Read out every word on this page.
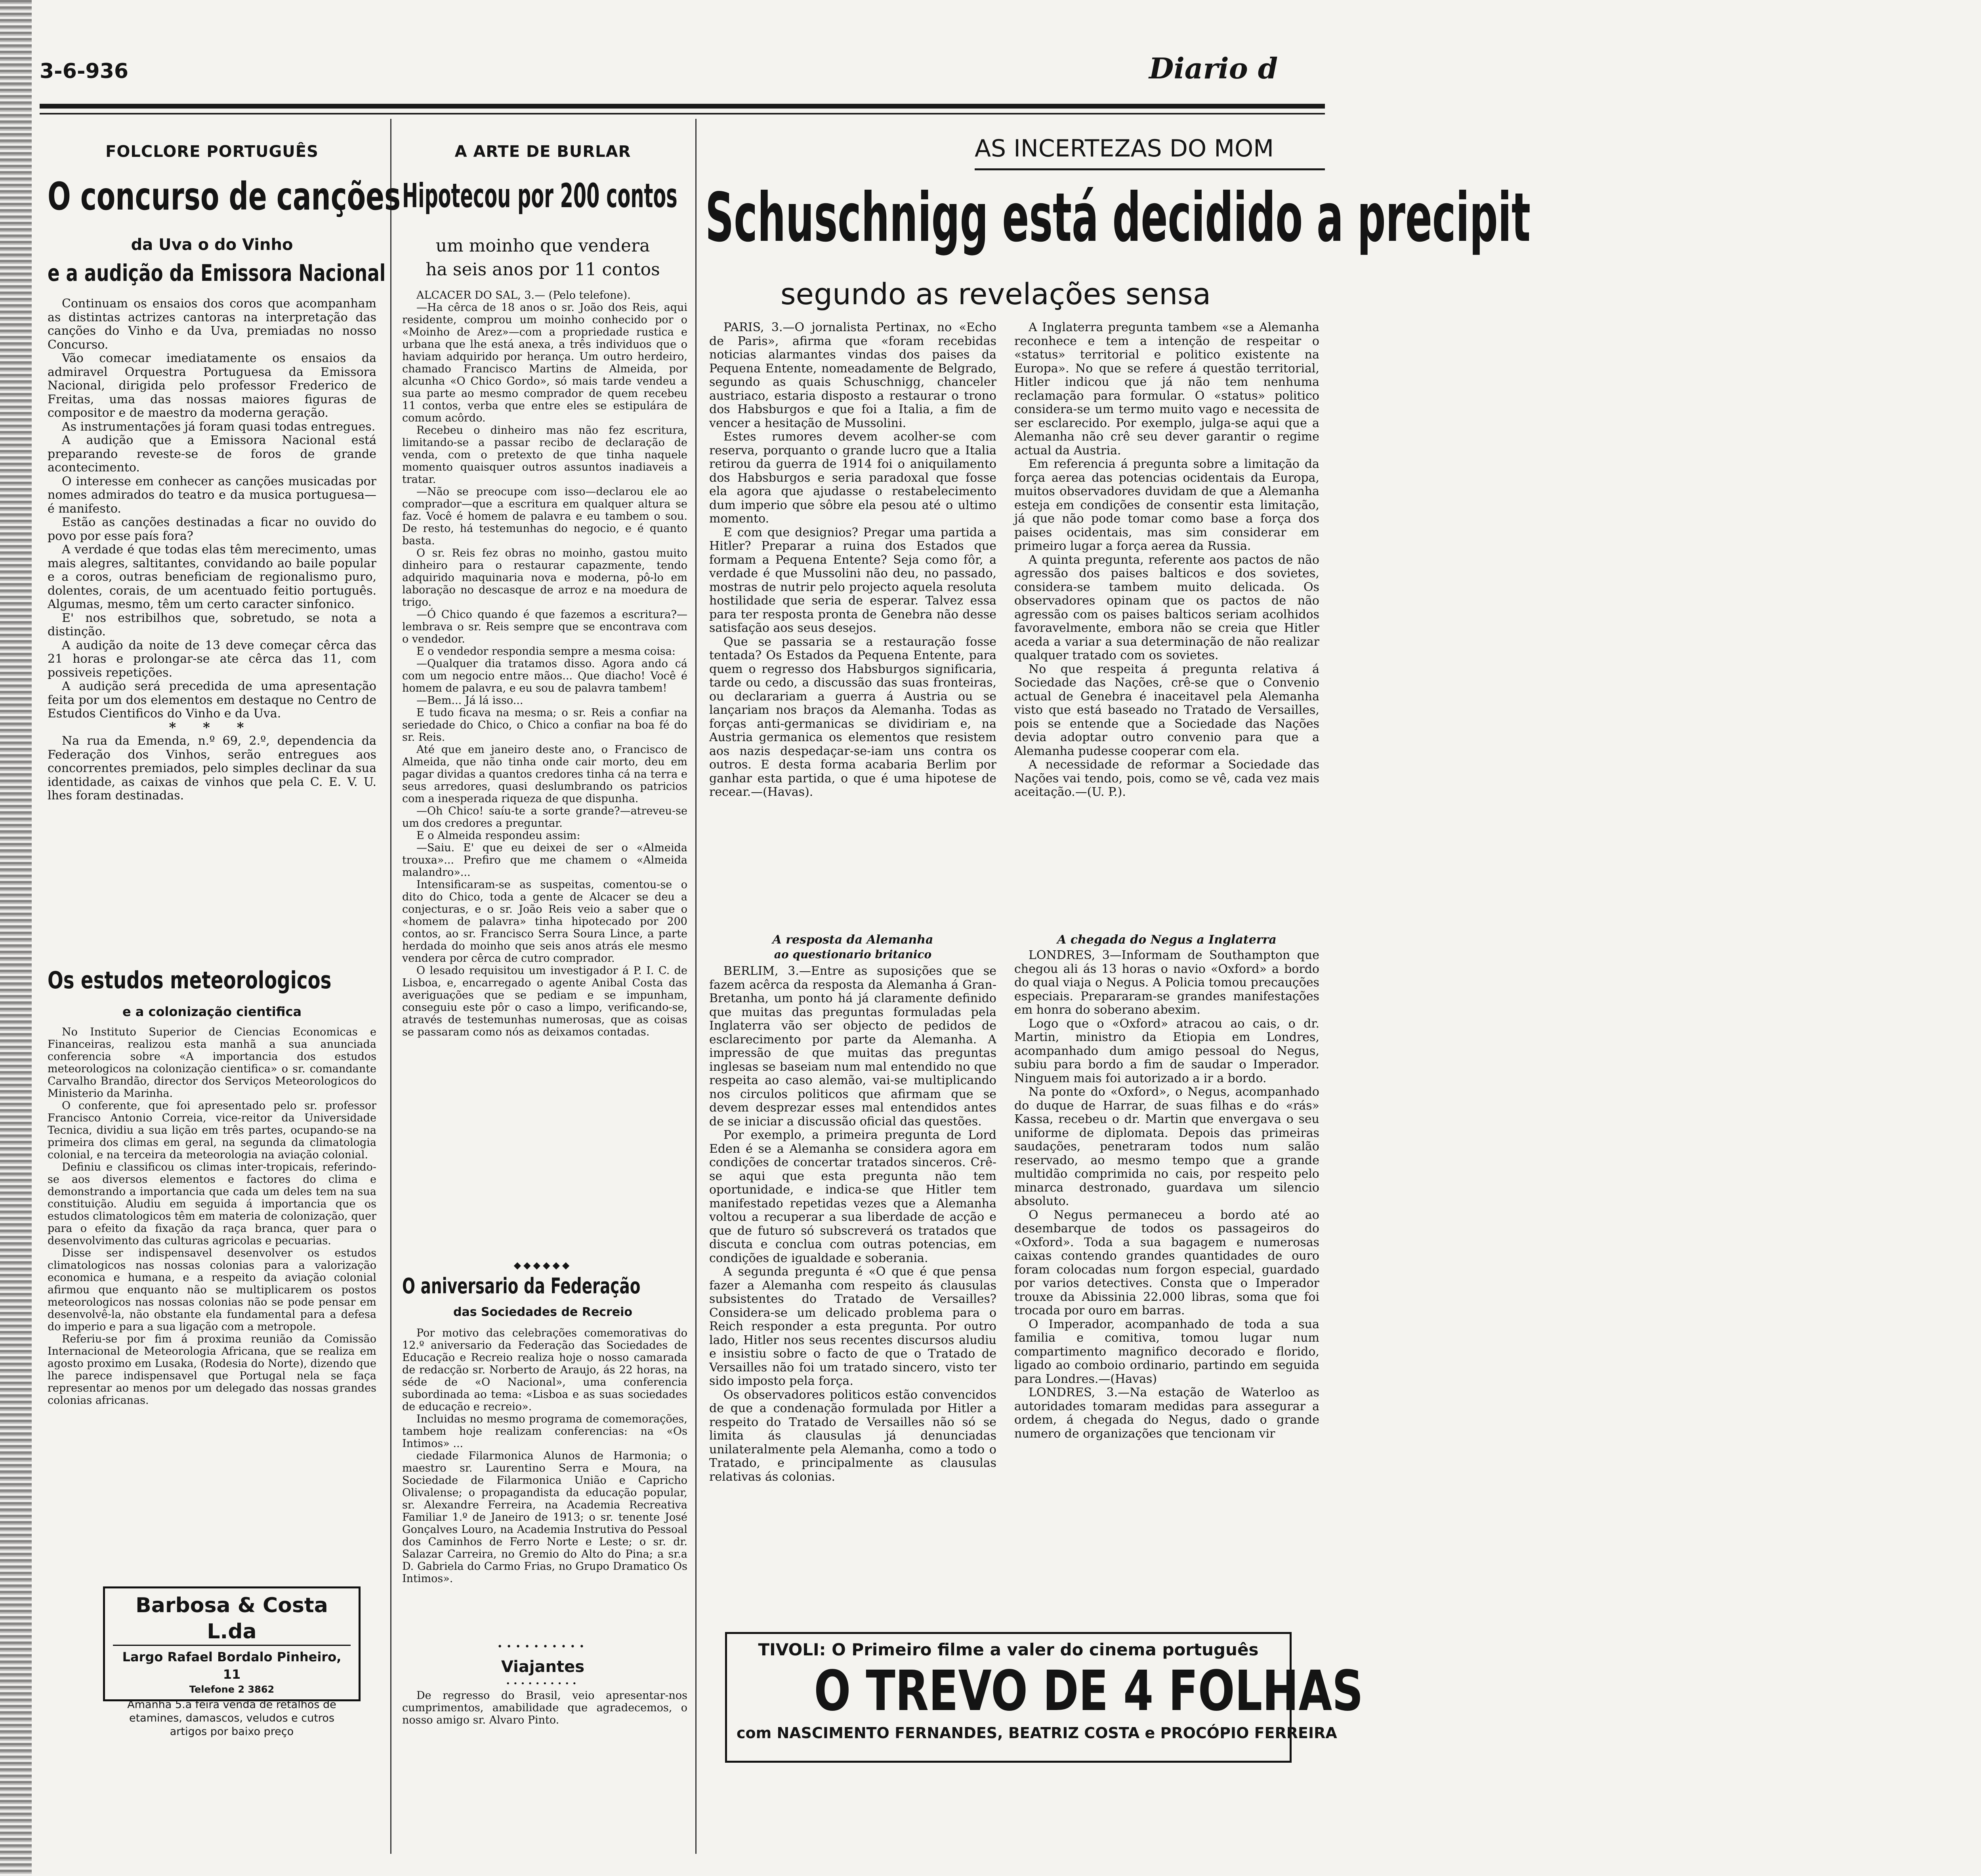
3-6-936	Diario d
FOLCLORE PORTUGUÊS
O concurso de canções
da Uva o do Vinho
e a audição da Emissora Nacional

Continuam os ensaios dos coros que acompanham as distintas actrizes cantoras na interpretação das canções do Vinho e da Uva, premiadas no nosso Concurso.

Vão comecar imediatamente os ensaios da admiravel Orquestra Portuguesa da Emissora Nacional, dirigida pelo professor Frederico de Freitas, uma das nossas maiores figuras de compositor e de maestro da moderna geração.

As instrumentações já foram quasi todas entregues.

A audição que a Emissora Nacional está preparando reveste-se de foros de grande acontecimento.

O interesse em conhecer as canções musicadas por nomes admirados do teatro e da musica portuguesa—é manifesto.

Estão as canções destinadas a ficar no ouvido do povo por esse país fora?

A verdade é que todas elas têm merecimento, umas mais alegres, saltitantes, convidando ao baile popular e a coros, outras beneficiam de regionalismo puro, dolentes, corais, de um acentuado feitio português. Algumas, mesmo, têm um certo caracter sinfonico.

E' nos estribilhos que, sobretudo, se nota a distinção.

A audição da noite de 13 deve começar cêrca das 21 horas e prolongar-se ate cêrca das 11, com possiveis repetições.

A audição será precedida de uma apresentação feita por um dos elementos em destaque no Centro de Estudos Cientificos do Vinho e da Uva.

* * *

Na rua da Emenda, n.º 69, 2.º, dependencia da Federação dos Vinhos, serão entregues aos concorrentes premiados, pelo simples declinar da sua identidade, as caixas de vinhos que pela C. E. V. U. lhes foram destinadas.

Os estudos meteorologicos
e a colonização cientifica

No Instituto Superior de Ciencias Economicas e Financeiras, realizou esta manhã a sua anunciada conferencia sobre «A importancia dos estudos meteorologicos na colonização cientifica» o sr. comandante Carvalho Brandão, director dos Serviços Meteorologicos do Ministerio da Marinha.

O conferente, que foi apresentado pelo sr. professor Francisco Antonio Correia, vice-reitor da Universidade Tecnica, dividiu a sua lição em três partes, ocupando-se na primeira dos climas em geral, na segunda da climatologia colonial, e na terceira da meteorologia na aviação colonial.

Definiu e classificou os climas inter-tropicais, referindo-se aos diversos elementos e factores do clima e demonstrando a importancia que cada um deles tem na sua constituição. Aludiu em seguida á importancia que os estudos climatologicos têm em materia de colonização, quer para o efeito da fixação da raça branca, quer para o desenvolvimento das culturas agricolas e pecuarias.

Disse ser indispensavel desenvolver os estudos climatologicos nas nossas colonias para a valorização economica e humana, e a respeito da aviação colonial afirmou que enquanto não se multiplicarem os postos meteorologicos nas nossas colonias não se pode pensar em desenvolvê-la, não obstante ela fundamental para a defesa do imperio e para a sua ligação com a metropole.

Referiu-se por fim á proxima reunião da Comissão Internacional de Meteorologia Africana, que se realiza em agosto proximo em Lusaka, (Rodesia do Norte), dizendo que lhe parece indispensavel que Portugal nela se faça representar ao menos por um delegado das nossas grandes colonias africanas.

Barbosa & Costa L.da
Largo Rafael Bordalo Pinheiro, 11
Telefone 2 3862
Amanhã 5.a feira venda de retalhos de etamines, damascos, veludos e cutros artigos por baixo preço
A ARTE DE BURLAR
Hipotecou por 200 contos
um moinho que vendera
ha seis anos por 11 contos

ALCACER DO SAL, 3.— (Pelo telefone).

—Ha cêrca de 18 anos o sr. João dos Reis, aqui residente, comprou um moinho conhecido por o «Moinho de Arez»—com a propriedade rustica e urbana que lhe está anexa, a três individuos que o haviam adquirido por herança. Um outro herdeiro, chamado Francisco Martins de Almeida, por alcunha «O Chico Gordo», só mais tarde vendeu a sua parte ao mesmo comprador de quem recebeu 11 contos, verba que entre eles se estipulára de comum acôrdo.

Recebeu o dinheiro mas não fez escritura, limitando-se a passar recibo de declaração de venda, com o pretexto de que tinha naquele momento quaisquer outros assuntos inadiaveis a tratar.

—Não se preocupe com isso—declarou ele ao comprador—que a escritura em qualquer altura se faz. Você é homem de palavra e eu tambem o sou. De resto, há testemunhas do negocio, e é quanto basta.

O sr. Reis fez obras no moinho, gastou muito dinheiro para o restaurar capazmente, tendo adquirido maquinaria nova e moderna, pô-lo em laboração no descasque de arroz e na moedura de trigo.

—Ó Chico quando é que fazemos a escritura?—lembrava o sr. Reis sempre que se encontrava com o vendedor.

E o vendedor respondia sempre a mesma coisa:

—Qualquer dia tratamos disso. Agora ando cá com um negocio entre mãos... Que diacho! Você é homem de palavra, e eu sou de palavra tambem!

—Bem... Já lá isso...

E tudo ficava na mesma; o sr. Reis a confiar na seriedade do Chico, o Chico a confiar na boa fé do sr. Reis.

Até que em janeiro deste ano, o Francisco de Almeida, que não tinha onde cair morto, deu em pagar dividas a quantos credores tinha cá na terra e seus arredores, quasi deslumbrando os patricios com a inesperada riqueza de que dispunha.

—Oh Chico! saíu-te a sorte grande?—atreveu-se um dos credores a preguntar.

E o Almeida respondeu assim:

—Saiu. E' que eu deixei de ser o «Almeida trouxa»... Prefiro que me chamem o «Almeida malandro»...

Intensificaram-se as suspeitas, comentou-se o dito do Chico, toda a gente de Alcacer se deu a conjecturas, e o sr. João Reis veio a saber que o «homem de palavra» tinha hipotecado por 200 contos, ao sr. Francisco Serra Soura Lince, a parte herdada do moinho que seis anos atrás ele mesmo vendera por cêrca de cutro comprador.

O lesado requisitou um investigador á P. I. C. de Lisboa, e, encarregado o agente Anibal Costa das averiguações que se pediam e se impunham, conseguiu este pôr o caso a limpo, verificando-se, através de testemunhas numerosas, que as coisas se passaram como nós as deixamos contadas.

◆◆◆◆◆◆
O aniversario da Federação
das Sociedades de Recreio

Por motivo das celebrações comemorativas do 12.º aniversario da Federação das Sociedades de Educação e Recreio realiza hoje o nosso camarada de redacção sr. Norberto de Araujo, ás 22 horas, na séde de «O Nacional», uma conferencia subordinada ao tema: «Lisboa e as suas sociedades de educação e recreio».

Incluidas no mesmo programa de comemorações, tambem hoje realizam conferencias: na «Os Intimos» ...

ciedade Filarmonica Alunos de Harmonia; o maestro sr. Laurentino Serra e Moura, na Sociedade de Filarmonica União e Capricho Olivalense; o propagandista da educação popular, sr. Alexandre Ferreira, na Academia Recreativa Familiar 1.º de Janeiro de 1913; o sr. tenente José Gonçalves Louro, na Academia Instrutiva do Pessoal dos Caminhos de Ferro Norte e Leste; o sr. dr. Salazar Carreira, no Gremio do Alto do Pina; a sr.a D. Gabriela do Carmo Frias, no Grupo Dramatico Os Intimos».

••••••••••
Viajantes
••••••••••

De regresso do Brasil, veio apresentar-nos cumprimentos, amabilidade que agradecemos, o nosso amigo sr. Alvaro Pinto.

AS INCERTEZAS DO MOM
Schuschnigg está decidido a precipit
segundo as revelações sensa

PARIS, 3.—O jornalista Pertinax, no «Echo de Paris», afirma que «foram recebidas noticias alarmantes vindas dos paises da Pequena Entente, nomeadamente de Belgrado, segundo as quais Schuschnigg, chanceler austriaco, estaria disposto a restaurar o trono dos Habsburgos e que foi a Italia, a fim de vencer a hesitação de Mussolini.

Estes rumores devem acolher-se com reserva, porquanto o grande lucro que a Italia retirou da guerra de 1914 foi o aniquilamento dos Habsburgos e seria paradoxal que fosse ela agora que ajudasse o restabelecimento dum imperio que sôbre ela pesou até o ultimo momento.

E com que designios? Pregar uma partida a Hitler? Preparar a ruina dos Estados que formam a Pequena Entente? Seja como fôr, a verdade é que Mussolini não deu, no passado, mostras de nutrir pelo projecto aquela resoluta hostilidade que seria de esperar. Talvez essa para ter resposta pronta de Genebra não desse satisfação aos seus desejos.

Que se passaria se a restauração fosse tentada? Os Estados da Pequena Entente, para quem o regresso dos Habsburgos significaria, tarde ou cedo, a discussão das suas fronteiras, ou declarariam a guerra á Austria ou se lançariam nos braços da Alemanha. Todas as forças anti-germanicas se dividiriam e, na Austria germanica os elementos que resistem aos nazis despedaçar-se-iam uns contra os outros. E desta forma acabaria Berlim por ganhar esta partida, o que é uma hipotese de recear.—(Havas).

A resposta da Alemanha
ao questionario britanico

BERLIM, 3.—Entre as suposições que se fazem acêrca da resposta da Alemanha á Gran-Bretanha, um ponto há já claramente definido que muitas das preguntas formuladas pela Inglaterra vão ser objecto de pedidos de esclarecimento por parte da Alemanha. A impressão de que muitas das preguntas inglesas se baseiam num mal entendido no que respeita ao caso alemão, vai-se multiplicando nos circulos politicos que afirmam que se devem desprezar esses mal entendidos antes de se iniciar a discussão oficial das questões.

Por exemplo, a primeira pregunta de Lord Eden é se a Alemanha se considera agora em condições de concertar tratados sinceros. Crê-se aqui que esta pregunta não tem oportunidade, e indica-se que Hitler tem manifestado repetidas vezes que a Alemanha voltou a recuperar a sua liberdade de acção e que de futuro só subscreverá os tratados que discuta e conclua com outras potencias, em condições de igualdade e soberania.

A segunda pregunta é «O que é que pensa fazer a Alemanha com respeito ás clausulas subsistentes do Tratado de Versailles? Considera-se um delicado problema para o Reich responder a esta pregunta. Por outro lado, Hitler nos seus recentes discursos aludiu e insistiu sobre o facto de que o Tratado de Versailles não foi um tratado sincero, visto ter sido imposto pela força.

Os observadores politicos estão convencidos de que a condenação formulada por Hitler a respeito do Tratado de Versailles não só se limita ás clausulas já denunciadas unilateralmente pela Alemanha, como a todo o Tratado, e principalmente as clausulas relativas ás colonias.

A Inglaterra pregunta tambem «se a Alemanha reconhece e tem a intenção de respeitar o «status» territorial e politico existente na Europa». No que se refere á questão territorial, Hitler indicou que já não tem nenhuma reclamação para formular. O «status» politico considera-se um termo muito vago e necessita de ser esclarecido. Por exemplo, julga-se aqui que a Alemanha não crê seu dever garantir o regime actual da Austria.

Em referencia á pregunta sobre a limitação da força aerea das potencias ocidentais da Europa, muitos observadores duvidam de que a Alemanha esteja em condições de consentir esta limitação, já que não pode tomar como base a força dos paises ocidentais, mas sim considerar em primeiro lugar a força aerea da Russia.

A quinta pregunta, referente aos pactos de não agressão dos paises balticos e dos sovietes, considera-se tambem muito delicada. Os observadores opinam que os pactos de não agressão com os paises balticos seriam acolhidos favoravelmente, embora não se creia que Hitler aceda a variar a sua determinação de não realizar qualquer tratado com os sovietes.

No que respeita á pregunta relativa á Sociedade das Nações, crê-se que o Convenio actual de Genebra é inaceitavel pela Alemanha visto que está baseado no Tratado de Versailles, pois se entende que a Sociedade das Nações devia adoptar outro convenio para que a Alemanha pudesse cooperar com ela.

A necessidade de reformar a Sociedade das Nações vai tendo, pois, como se vê, cada vez mais aceitação.—(U. P.).

A chegada do Negus a Inglaterra

LONDRES, 3—Informam de Southampton que chegou ali ás 13 horas o navio «Oxford» a bordo do qual viaja o Negus. A Policia tomou precauções especiais. Prepararam-se grandes manifestações em honra do soberano abexim.

Logo que o «Oxford» atracou ao cais, o dr. Martin, ministro da Etiopia em Londres, acompanhado dum amigo pessoal do Negus, subiu para bordo a fim de saudar o Imperador. Ninguem mais foi autorizado a ir a bordo.

Na ponte do «Oxford», o Negus, acompanhado do duque de Harrar, de suas filhas e do «rás» Kassa, recebeu o dr. Martin que envergava o seu uniforme de diplomata. Depois das primeiras saudações, penetraram todos num salão reservado, ao mesmo tempo que a grande multidão comprimida no cais, por respeito pelo minarca destronado, guardava um silencio absoluto.

O Negus permaneceu a bordo até ao desembarque de todos os passageiros do «Oxford». Toda a sua bagagem e numerosas caixas contendo grandes quantidades de ouro foram colocadas num forgon especial, guardado por varios detectives. Consta que o Imperador trouxe da Abissinia 22.000 libras, soma que foi trocada por ouro em barras.

O Imperador, acompanhado de toda a sua familia e comitiva, tomou lugar num compartimento magnifico decorado e florido, ligado ao comboio ordinario, partindo em seguida para Londres.—(Havas)

LONDRES, 3.—Na estação de Waterloo as autoridades tomaram medidas para assegurar a ordem, á chegada do Negus, dado o grande numero de organizações que tencionam vir

TIVOLI: O Primeiro filme a valer do cinema português
O TREVO DE 4 FOLHAS
com NASCIMENTO FERNANDES, BEATRIZ COSTA e PROCÓPIO FERREIRA
